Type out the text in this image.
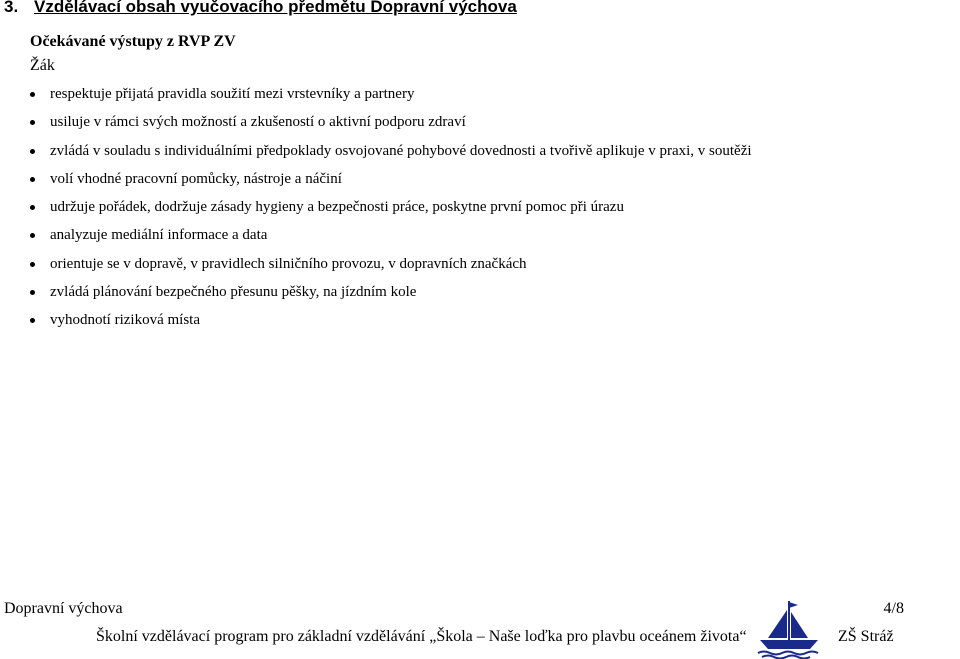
3. Vzdělávací obsah vyučovacího předmětu Dopravní výchova
Očekávané výstupy z RVP ZV
Žák
respektuje přijatá pravidla soužití mezi vrstevníky a partnery
usiluje v rámci svých možností a zkušeností o aktivní podporu zdraví
zvládá v souladu s individuálními předpoklady osvojované pohybové dovednosti a tvořivě aplikuje v praxi, v soutěži
volí vhodné pracovní pomůcky, nástroje a náčiní
udržuje pořádek, dodržuje zásady hygieny a bezpečnosti práce, poskytne první pomoc při úrazu
analyzuje mediální informace a data
orientuje se v dopravě, v pravidlech silničního provozu, v dopravních značkách
zvládá plánování bezpečného přesunu pěšky, na jízdním kole
vyhodnotí riziková místa
Dopravní výchova	4/8
Školní vzdělávací program pro základní vzdělávání „Škola – Naše loďka pro plavbu oceánem života“	ZŠ Stráž
